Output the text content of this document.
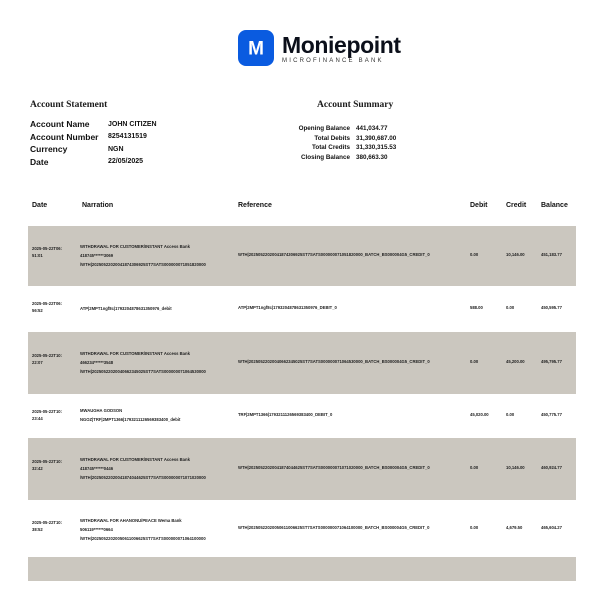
M Moniepoint
MICROFINANCE BANK
Account Statement	Account Summary
Account Name	JOHN CITIZEN
Account Number	8254131519
Currency	NGN
Date	22/05/2025
Opening Balance 441,034.77
Total Debits 31,390,687.00
Total Credits 31,330,315.53
Closing Balance 380,663.30
Date	Narration	Reference	Debit	Credit Balance
2025-05-22T06:
51:01
WITHDRAWAL FOR CUSTOMER/INSTANT Access Bank
418745******3069
/WTH|20250522020041874306925ST7SATS000000071051820000
WTH|20250522020041874306925ST7SATS000000071051820000_BATCH_BS000004G5_CREDIT_0	0.00	10,146.00	451,183.77
2025-05-22T06:
56:52	ATP|2MPT1ngf8c|1793204878631350976_debit	ATP|2MPT1ngf8c|1793204878631350976_DEBIT_0	588.00	0.00	450,595.77
2025-05-22T10:
22:07
WITHDRAWAL FOR CUSTOMER/INSTANT Access Bank
466234******3548
/WTH|20250522020040662345025ST7SATS000000071064530000
WTH|20250522020040662345025ST7SATS000000071064530000_BATCH_BS000004G5_CREDIT_0	0.00	45,200.00	495,795.77
2025-05-22T10:
23:44
MWAUGHA GODSON
NGOZ|TRF|2MPT1366|1793211126569383400_debit
TRF|2MPT1366|1793211126569383400_DEBIT_0	45,020.00	0.00	450,775.77
2025-05-22T10:
32:42
WITHDRAWAL FOR CUSTOMER/INSTANT Access Bank
418745******0446
/WTH|20250522020041874044625ST7SATS000000071071020000
WTH|20250522020041874044625ST7SATS000000071071020000_BATCH_BS000004G5_CREDIT_0	0.00	10,146.00	460,924.77
2025-05-22T10:
38:52
WITHDRAWAL FOR AHANONU/PEACE Wema Bank
506119******0664
/WTH|20250522020050611006625ST7SATS000000071064100000
WTH|20250522020050611006625ST7SATS000000071064100000_BATCH_BS000004G5_CREDIT_0	0.00	4,679.50	465,604.27
